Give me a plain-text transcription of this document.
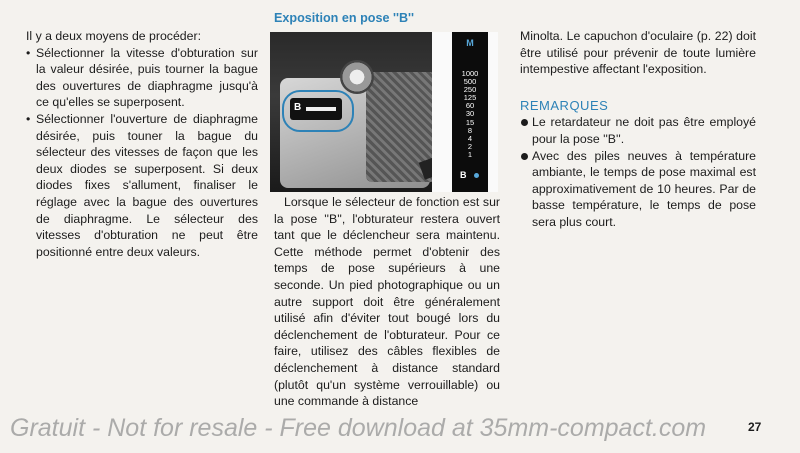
Il y a deux moyens de procéder:

• Sélectionner la vitesse d'obturation sur la valeur désirée, puis tourner la bague des ouvertures de diaphragme jusqu'à ce qu'elles se superposent.
• Sélectionner l'ouverture de diaphragme désirée, puis touner la bague du sélecteur des vitesses de façon que les deux diodes se superposent. Si deux diodes fixes s'allument, finaliser le réglage avec la bague des ouvertures de diaphragme. Le sélecteur des vitesses d'obturation ne peut être positionné entre deux valeurs.
Exposition en pose ''B''
B
M
1000
500
250
125
60
30
15
8
4
2
1
B

Lorsque le sélecteur de fonction est sur la pose ''B'', l'obturateur restera ouvert tant que le déclencheur sera maintenu. Cette méthode permet d'obtenir des temps de pose supérieurs à une seconde. Un pied photographique ou un autre support doit être généralement utilisé afin d'éviter tout bougé lors du déclenchement de l'obturateur. Pour ce faire, utilisez des câbles flexibles de déclenchement à distance standard (plutôt qu'un système verrouillable) ou une commande à distance

Minolta. Le capuchon d'oculaire (p. 22) doit être utilisé pour prévenir de toute lumière intempestive affectant l'exposition.

REMARQUES
Le retardateur ne doit pas être employé pour la pose ''B''.
Avec des piles neuves à température ambiante, le temps de pose maximal est approximativement de 10 heures. Par de basse température, le temps de pose sera plus court.
Gratuit - Not for resale - Free download at 35mm-compact.com	27
